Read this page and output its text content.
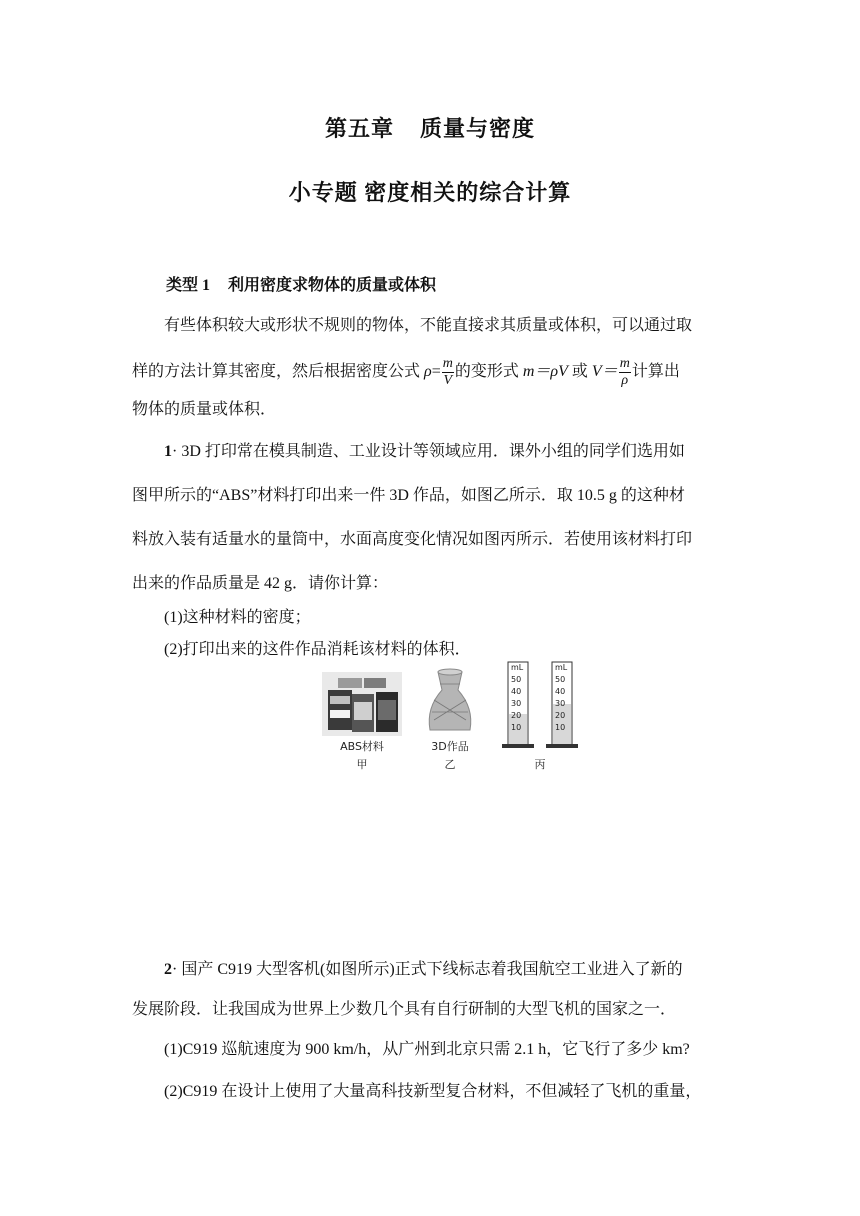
第五章 质量与密度
小专题 密度相关的综合计算
类型 1 利用密度求物体的质量或体积
有些体积较大或形状不规则的物体，不能直接求其质量或体积，可以通过取
样的方法计算其密度，然后根据密度公式 $\rho= \frac{m}{V}$ 的变形式 m＝ρV 或 $V= \frac{m}{\rho}$ 计算出
物体的质量或体积．
1· 3D 打印常在模具制造、工业设计等领域应用．课外小组的同学们选用如
图甲所示的“ABS”材料打印出来一件 3D 作品，如图乙所示．取 10.5 g 的这种材
料放入装有适量水的量筒中，水面高度变化情况如图丙所示．若使用该材料打印
出来的作品质量是 42 g．请你计算：
(1)这种材料的密度；
(2)打印出来的这件作品消耗该材料的体积．
mL
50
40
30
20
10
mL
50
40
30
20
10
ABS材料
甲
3D作品
乙	丙
2· 国产 C919 大型客机(如图所示)正式下线标志着我国航空工业进入了新的
发展阶段．让我国成为世界上少数几个具有自行研制的大型飞机的国家之一．
(1)C919 巡航速度为 900 km/h，从广州到北京只需 2.1 h，它飞行了多少 km?
(2)C919 在设计上使用了大量高科技新型复合材料，不但减轻了飞机的重量，
